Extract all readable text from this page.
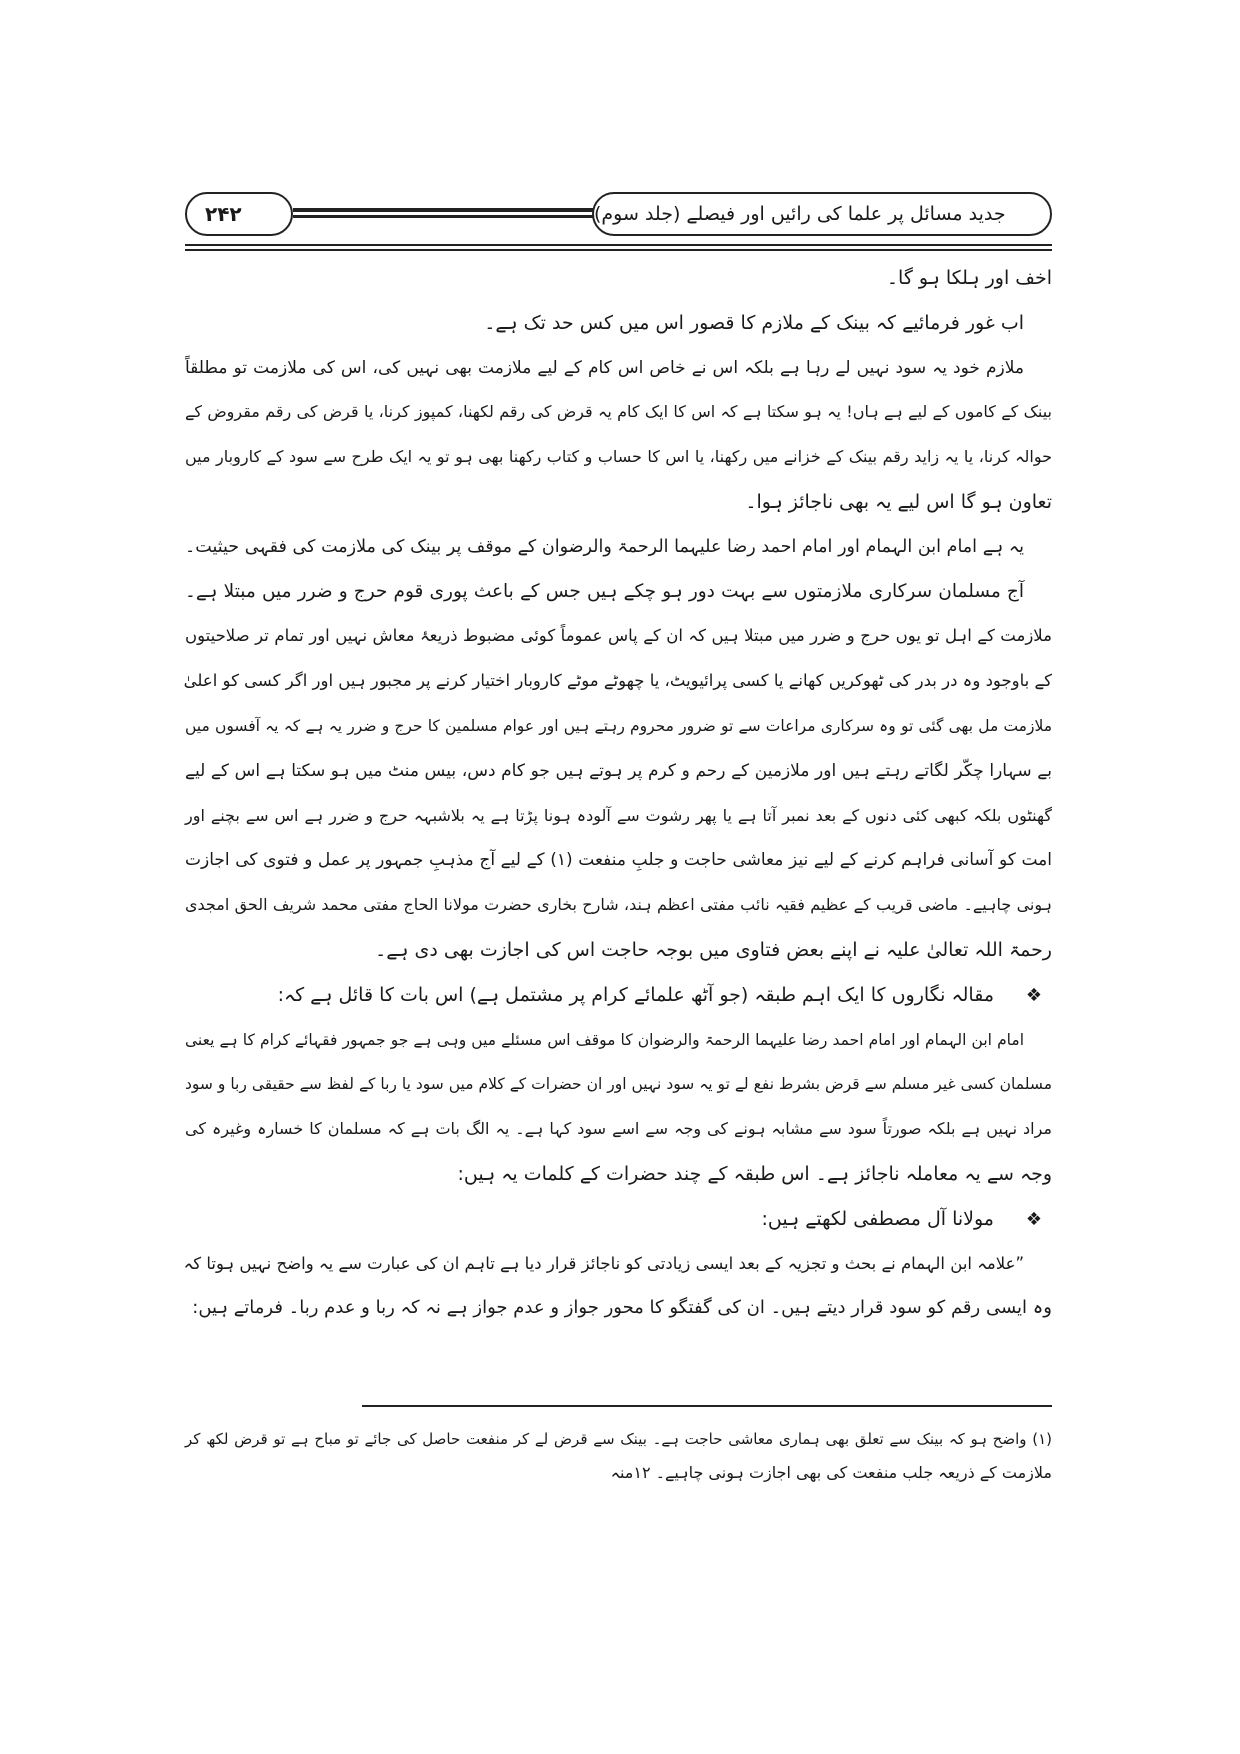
۲۴۲	جدید مسائل پر علما کی رائیں اور فیصلے (جلد سوم)
اخف اور ہلکا ہو گا۔
اب غور فرمائیے کہ بینک کے ملازم کا قصور اس میں کس حد تک ہے۔
ملازم خود یہ سود نہیں لے رہا ہے بلکہ اس نے خاص اس کام کے لیے ملازمت بھی نہیں کی، اس کی ملازمت تو مطلقاً
بینک کے کاموں کے لیے ہے ہاں! یہ ہو سکتا ہے کہ اس کا ایک کام یہ قرض کی رقم لکھنا، کمپوز کرنا، یا قرض کی رقم مقروض کے
حوالہ کرنا، یا یہ زاید رقم بینک کے خزانے میں رکھنا، یا اس کا حساب و کتاب رکھنا بھی ہو تو یہ ایک طرح سے سود کے کاروبار میں
تعاون ہو گا اس لیے یہ بھی ناجائز ہوا۔
یہ ہے امام ابن الہمام اور امام احمد رضا علیہما الرحمۃ والرضوان کے موقف پر بینک کی ملازمت کی فقہی حیثیت۔
آج مسلمان سرکاری ملازمتوں سے بہت دور ہو چکے ہیں جس کے باعث پوری قوم حرج و ضرر میں مبتلا ہے۔
ملازمت کے اہل تو یوں حرج و ضرر میں مبتلا ہیں کہ ان کے پاس عموماً کوئی مضبوط ذریعۂ معاش نہیں اور تمام تر صلاحیتوں
کے باوجود وہ در بدر کی ٹھوکریں کھانے یا کسی پرائیویٹ، یا چھوٹے موٹے کاروبار اختیار کرنے پر مجبور ہیں اور اگر کسی کو اعلیٰ
ملازمت مل بھی گئی تو وہ سرکاری مراعات سے تو ضرور محروم رہتے ہیں اور عوام مسلمین کا حرج و ضرر یہ ہے کہ یہ آفسوں میں
بے سہارا چکّر لگاتے رہتے ہیں اور ملازمین کے رحم و کرم پر ہوتے ہیں جو کام دس، بیس منٹ میں ہو سکتا ہے اس کے لیے
گھنٹوں بلکہ کبھی کئی دنوں کے بعد نمبر آتا ہے یا پھر رشوت سے آلودہ ہونا پڑتا ہے یہ بلاشبہہ حرج و ضرر ہے اس سے بچنے اور
امت کو آسانی فراہم کرنے کے لیے نیز معاشی حاجت و جلبِ منفعت (۱) کے لیے آج مذہبِ جمہور پر عمل و فتوی کی اجازت
ہونی چاہیے۔ ماضی قریب کے عظیم فقیہ نائب مفتی اعظم ہند، شارح بخاری حضرت مولانا الحاج مفتی محمد شریف الحق امجدی
رحمۃ اللہ تعالیٰ علیہ نے اپنے بعض فتاوی میں بوجہ حاجت اس کی اجازت بھی دی ہے۔
❖مقالہ نگاروں کا ایک اہم طبقہ (جو آٹھ علمائے کرام پر مشتمل ہے) اس بات کا قائل ہے کہ:
امام ابن الہمام اور امام احمد رضا علیہما الرحمۃ والرضوان کا موقف اس مسئلے میں وہی ہے جو جمہور فقہائے کرام کا ہے یعنی
مسلمان کسی غیر مسلم سے قرض بشرط نفع لے تو یہ سود نہیں اور ان حضرات کے کلام میں سود یا ربا کے لفظ سے حقیقی ربا و سود
مراد نہیں ہے بلکہ صورتاً سود سے مشابہ ہونے کی وجہ سے اسے سود کہا ہے۔ یہ الگ بات ہے کہ مسلمان کا خسارہ وغیرہ کی
وجہ سے یہ معاملہ ناجائز ہے۔ اس طبقہ کے چند حضرات کے کلمات یہ ہیں:
❖مولانا آل مصطفی لکھتے ہیں:
”علامہ ابن الہمام نے بحث و تجزیہ کے بعد ایسی زیادتی کو ناجائز قرار دیا ہے تاہم ان کی عبارت سے یہ واضح نہیں ہوتا کہ
وہ ایسی رقم کو سود قرار دیتے ہیں۔ ان کی گفتگو کا محور جواز و عدم جواز ہے نہ کہ ربا و عدم ربا۔ فرماتے ہیں:
(۱) واضح ہو کہ بینک سے تعلق بھی ہماری معاشی حاجت ہے۔ بینک سے قرض لے کر منفعت حاصل کی جائے تو مباح ہے تو قرض لکھ کر
ملازمت کے ذریعہ جلب منفعت کی بھی اجازت ہونی چاہیے۔ ۱۲منہ
